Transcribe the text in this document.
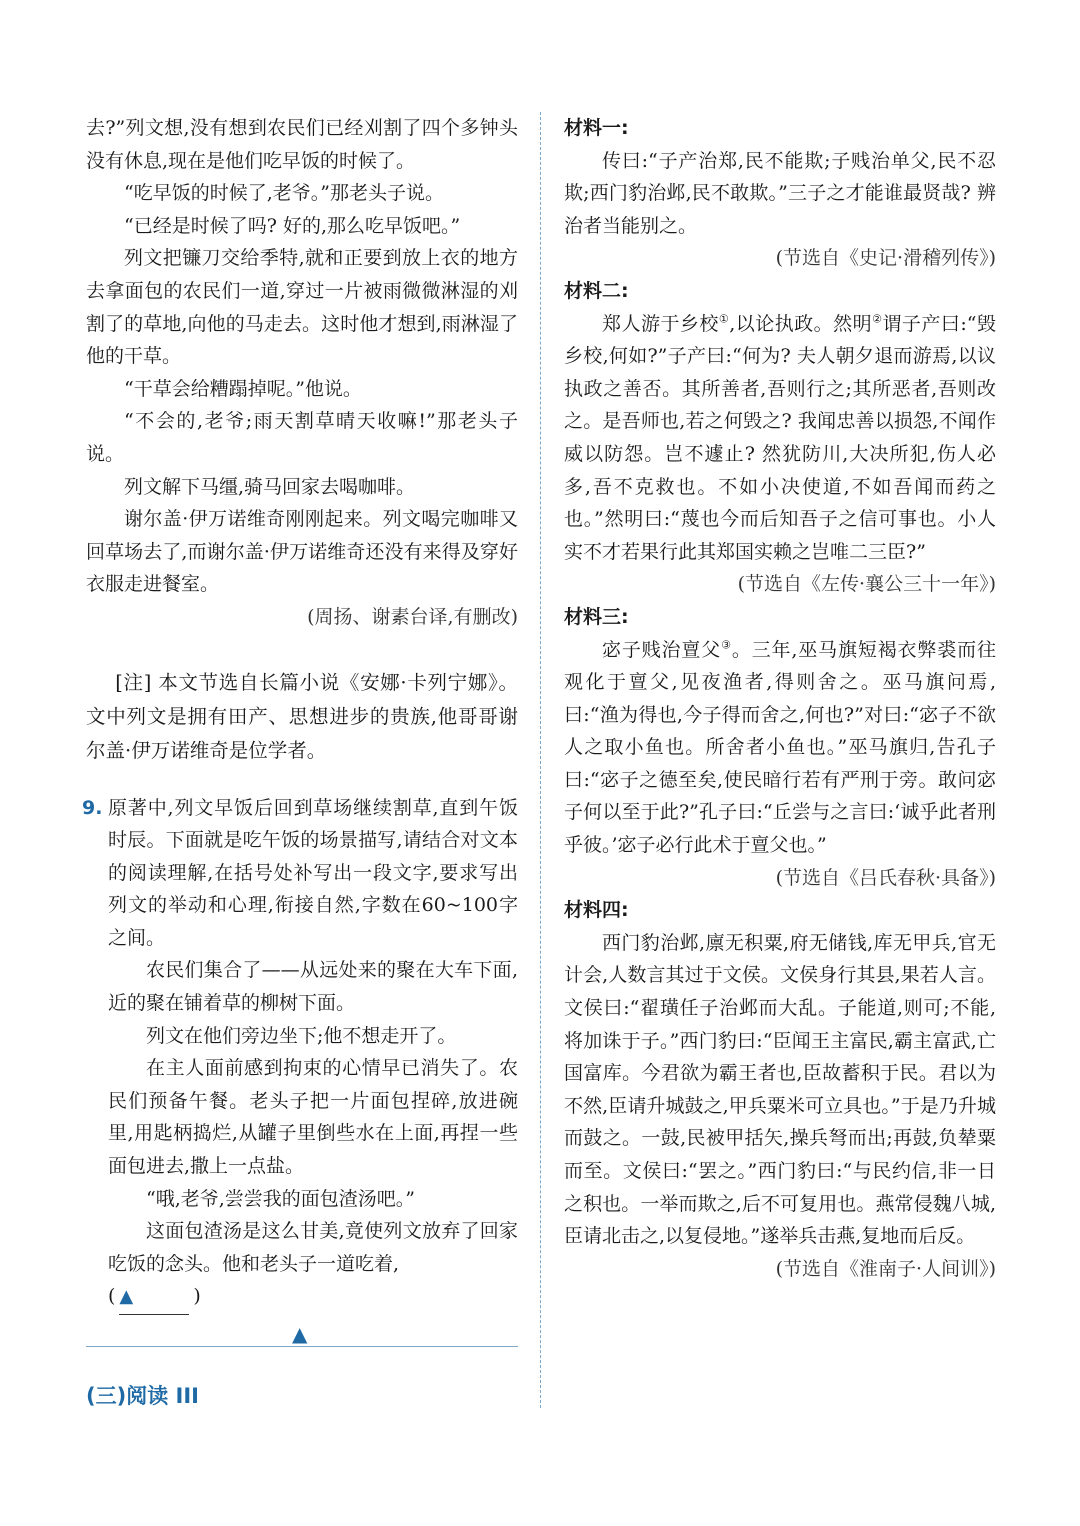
去?”列文想,没有想到农民们已经刈割了四个多钟头没有休息,现在是他们吃早饭的时候了。

“吃早饭的时候了,老爷。”那老头子说。

“已经是时候了吗? 好的,那么吃早饭吧。”

列文把镰刀交给季特,就和正要到放上衣的地方去拿面包的农民们一道,穿过一片被雨微微淋湿的刈割了的草地,向他的马走去。这时他才想到,雨淋湿了他的干草。

“干草会给糟蹋掉呢。”他说。

“不会的,老爷;雨天割草晴天收嘛!”那老头子说。

列文解下马缰,骑马回家去喝咖啡。

谢尔盖·伊万诺维奇刚刚起来。列文喝完咖啡又回草场去了,而谢尔盖·伊万诺维奇还没有来得及穿好衣服走进餐室。

(周扬、谢素台译,有删改)

[注] 本文节选自长篇小说《安娜·卡列宁娜》。文中列文是拥有田产、思想进步的贵族,他哥哥谢尔盖·伊万诺维奇是位学者。

9. 原著中,列文早饭后回到草场继续割草,直到午饭时辰。下面就是吃午饭的场景描写,请结合对文本的阅读理解,在括号处补写出一段文字,要求写出列文的举动和心理,衔接自然,字数在60~100字之间。

农民们集合了——从远处来的聚在大车下面,近的聚在铺着草的柳树下面。

列文在他们旁边坐下;他不想走开了。

在主人面前感到拘束的心情早已消失了。农民们预备午餐。老头子把一片面包捏碎,放进碗里,用匙柄捣烂,从罐子里倒些水在上面,再捏一些面包进去,撒上一点盐。

“哦,老爷,尝尝我的面包渣汤吧。”

这面包渣汤是这么甘美,竟使列文放弃了回家吃饭的念头。他和老头子一道吃着,

( ▲	)

▲
(三)阅读 III

材料一:

传曰:“子产治郑,民不能欺;子贱治单父,民不忍欺;西门豹治邺,民不敢欺。”三子之才能谁最贤哉? 辨治者当能别之。

(节选自《史记·滑稽列传》)

材料二:

郑人游于乡校①,以论执政。然明②谓子产曰:“毁乡校,何如?”子产曰:“何为? 夫人朝夕退而游焉,以议执政之善否。其所善者,吾则行之;其所恶者,吾则改之。是吾师也,若之何毁之? 我闻忠善以损怨,不闻作威以防怨。岂不遽止? 然犹防川,大决所犯,伤人必多,吾不克救也。不如小决使道,不如吾闻而药之也。”然明曰:“蔑也今而后知吾子之信可事也。小人实不才若果行此其郑国实赖之岂唯二三臣?”

(节选自《左传·襄公三十一年》)

材料三:

宓子贱治亶父③。三年,巫马旗短褐衣弊裘而往观化于亶父,见夜渔者,得则舍之。巫马旗问焉,曰:“渔为得也,今子得而舍之,何也?”对曰:“宓子不欲人之取小鱼也。所舍者小鱼也。”巫马旗归,告孔子曰:“宓子之德至矣,使民暗行若有严刑于旁。敢问宓子何以至于此?”孔子曰:“丘尝与之言曰:‘诚乎此者刑乎彼。’宓子必行此术于亶父也。”

(节选自《吕氏春秋·具备》)

材料四:

西门豹治邺,廪无积粟,府无储钱,库无甲兵,官无计会,人数言其过于文侯。文侯身行其县,果若人言。文侯曰:“翟璜任子治邺而大乱。子能道,则可;不能,将加诛于子。”西门豹曰:“臣闻王主富民,霸主富武,亡国富库。今君欲为霸王者也,臣故蓄积于民。君以为不然,臣请升城鼓之,甲兵粟米可立具也。”于是乃升城而鼓之。一鼓,民被甲括矢,操兵弩而出;再鼓,负辇粟而至。文侯曰:“罢之。”西门豹曰:“与民约信,非一日之积也。一举而欺之,后不可复用也。燕常侵魏八城,臣请北击之,以复侵地。”遂举兵击燕,复地而后反。

(节选自《淮南子·人间训》)
